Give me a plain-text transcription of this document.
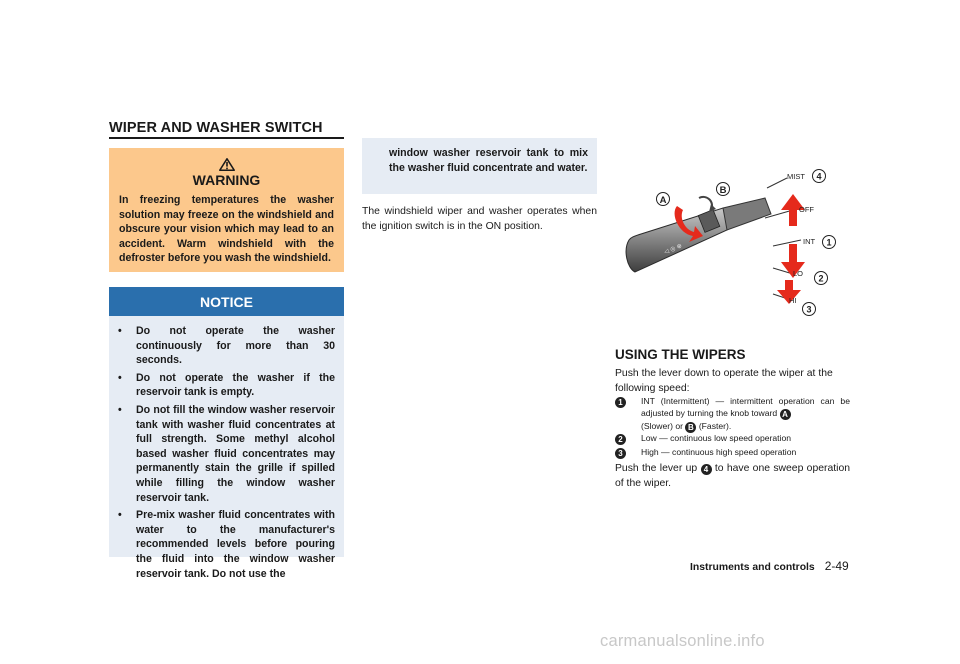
WIPER AND WASHER SWITCH
WARNING
In freezing temperatures the washer solution may freeze on the windshield and obscure your vision which may lead to an accident. Warm windshield with the defroster before you wash the windshield.
NOTICE
•	Do not operate the washer continuously for more than 30 seconds.
•	Do not operate the washer if the reservoir tank is empty.
•	Do not fill the window washer reservoir tank with washer fluid concentrates at full strength. Some methyl alcohol based washer fluid concentrates may permanently stain the grille if spilled while filling the window washer reservoir tank.
•	Pre-mix washer fluid concentrates with water to the manufacturer's recommended levels before pouring the fluid into the window washer reservoir tank. Do not use the
window washer reservoir tank to mix the washer fluid concentrate and water.
The windshield wiper and washer operates when the ignition switch is in the ON position.
◁ ◎ ⊕
A
B
MIST
OFF
INT
LO
HI
4
1
2
3
USING THE WIPERS
Push the lever down to operate the wiper at the following speed:
1	INT (Intermittent) — intermittent operation can be adjusted by turning the knob toward A
(Slower) or B (Faster).
2	Low — continuous low speed operation
3	High — continuous high speed operation
Push the lever up 4 to have one sweep operation of the wiper.
Instruments and controls 2-49
carmanualsonline.info
